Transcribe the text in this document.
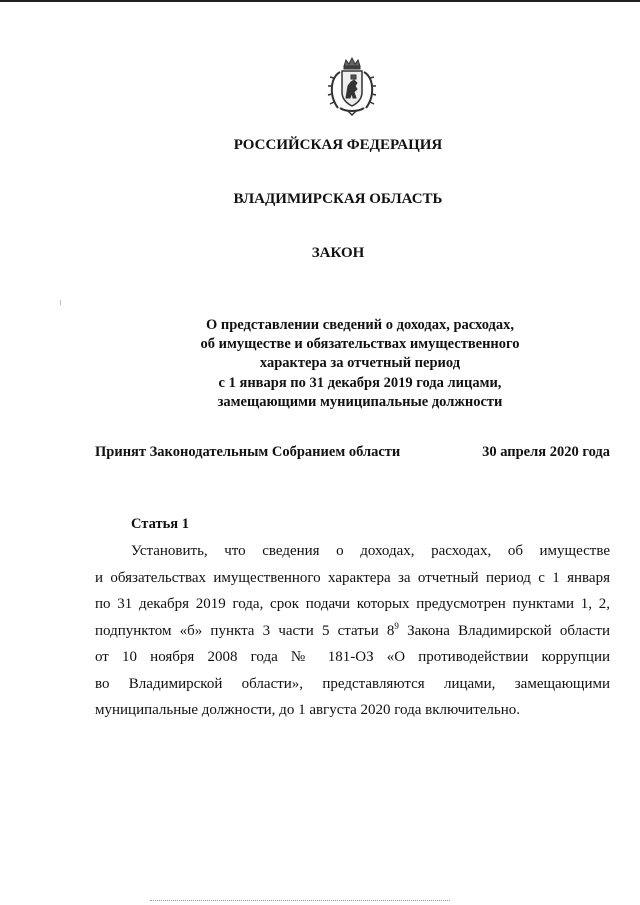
РОССИЙСКАЯ ФЕДЕРАЦИЯ
ВЛАДИМИРСКАЯ ОБЛАСТЬ
ЗАКОН
О представлении сведений о доходах, расходах,
об имуществе и обязательствах имущественного
характера за отчетный период
с 1 января по 31 декабря 2019 года лицами,
замещающими муниципальные должности
Принят Законодательным Собранием области	30 апреля 2020 года
Статья 1
Установить, что сведения о доходах, расходах, об имуществе
и обязательствах имущественного характера за отчетный период с 1 января
по 31 декабря 2019 года, срок подачи которых предусмотрен пунктами 1, 2,
подпунктом «б» пункта 3 части 5 статьи $8^9$ Закона Владимирской области
от 10 ноября 2008 года № 181-ОЗ «О противодействии коррупции
во Владимирской области», представляются лицами, замещающими
муниципальные должности, до 1 августа 2020 года включительно.
